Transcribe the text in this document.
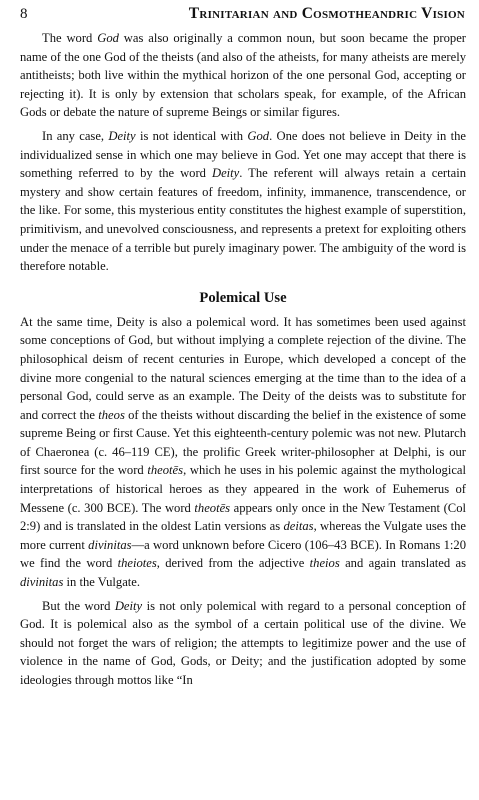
8	Trinitarian and Cosmotheandric Vision

The word God was also originally a common noun, but soon became the proper name of the one God of the theists (and also of the atheists, for many atheists are merely antitheists; both live within the mythical horizon of the one personal God, accepting or rejecting it). It is only by extension that scholars speak, for example, of the African Gods or debate the nature of supreme Beings or similar figures.

In any case, Deity is not identical with God. One does not believe in Deity in the individualized sense in which one may believe in God. Yet one may accept that there is something referred to by the word Deity. The referent will always retain a certain mystery and show certain features of freedom, infinity, immanence, transcendence, or the like. For some, this mysterious entity constitutes the highest example of superstition, primitivism, and unevolved consciousness, and represents a pretext for exploiting others under the menace of a terrible but purely imaginary power. The ambiguity of the word is therefore notable.

Polemical Use

At the same time, Deity is also a polemical word. It has sometimes been used against some conceptions of God, but without implying a complete rejection of the divine. The philosophical deism of recent centuries in Europe, which developed a concept of the divine more congenial to the natural sciences emerging at the time than to the idea of a personal God, could serve as an example. The Deity of the deists was to substitute for and correct the theos of the theists without discarding the belief in the existence of some supreme Being or first Cause. Yet this eighteenth-century polemic was not new. Plutarch of Chaeronea (c. 46–119 CE), the prolific Greek writer-philosopher at Delphi, is our first source for the word theotēs, which he uses in his polemic against the mythological interpretations of historical heroes as they appeared in the work of Euhemerus of Messene (c. 300 BCE). The word theotēs appears only once in the New Testament (Col 2:9) and is translated in the oldest Latin versions as deitas, whereas the Vulgate uses the more current divinitas—a word unknown before Cicero (106–43 BCE). In Romans 1:20 we find the word theiotes, derived from the adjective theios and again translated as divinitas in the Vulgate.

But the word Deity is not only polemical with regard to a personal conception of God. It is polemical also as the symbol of a certain political use of the divine. We should not forget the wars of religion; the attempts to legitimize power and the use of violence in the name of God, Gods, or Deity; and the justification adopted by some ideologies through mottos like “In
